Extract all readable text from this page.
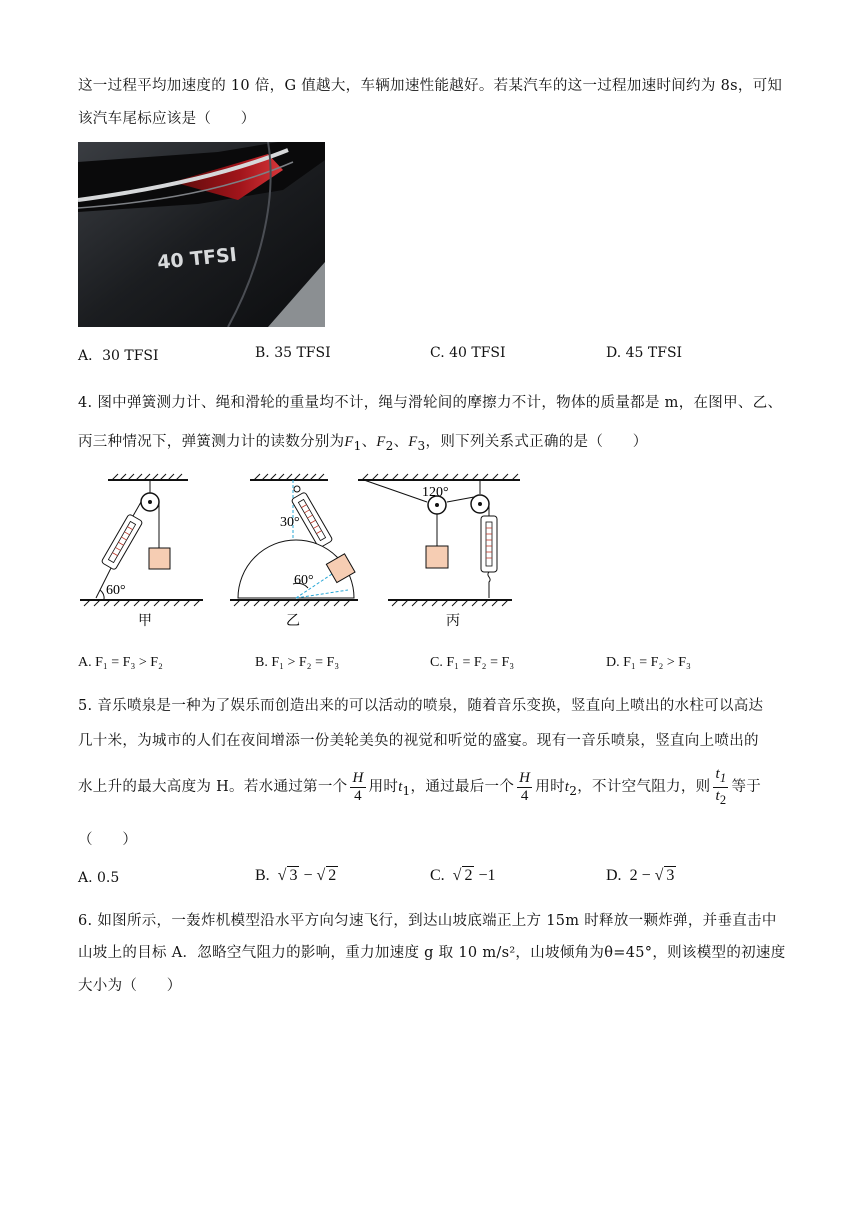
这一过程平均加速度的 10 倍，G 值越大，车辆加速性能越好。若某汽车的这一过程加速时间约为 8s，可知
该汽车尾标应该是（　　）
40 TFSI
A．30 TFSI	B. 35 TFSI	C. 40 TFSI	D. 45 TFSI
4. 图中弹簧测力计、绳和滑轮的重量均不计，绳与滑轮间的摩擦力不计，物体的质量都是 m，在图甲、乙、
丙三种情况下，弹簧测力计的读数分别为$F_1$、$F_2$、$F_3$，则下列关系式正确的是（　　）
60°
甲
30°
60°
乙
120°
丙
A. F₁ = F₃ > F₂	B. F₁ > F₂ = F₃	C. F₁ = F₂ = F₃	D. F₁ = F₂ > F₃
5. 音乐喷泉是一种为了娱乐而创造出来的可以活动的喷泉，随着音乐变换，竖直向上喷出的水柱可以高达
几十米，为城市的人们在夜间增添一份美轮美奂的视觉和听觉的盛宴。现有一音乐喷泉，竖直向上喷出的
水上升的最大高度为 H。若水通过第一个 $\frac{H}{4}$ 用时$t_1$，通过最后一个 $\frac{H}{4}$ 用时$t_2$，不计空气阻力，则 $\frac{t_1}{t_2}$ 等于
（　　）
A. 0.5	B.  √ 3 − √ 2	C.  √ 2 −1	D.  2 − √ 3
6. 如图所示，一轰炸机模型沿水平方向匀速飞行，到达山坡底端正上方 15m 时释放一颗炸弹，并垂直击中
山坡上的目标 A．忽略空气阻力的影响，重力加速度 g 取 10 m/s²，山坡倾角为θ=45°，则该模型的初速度
大小为（　　）
